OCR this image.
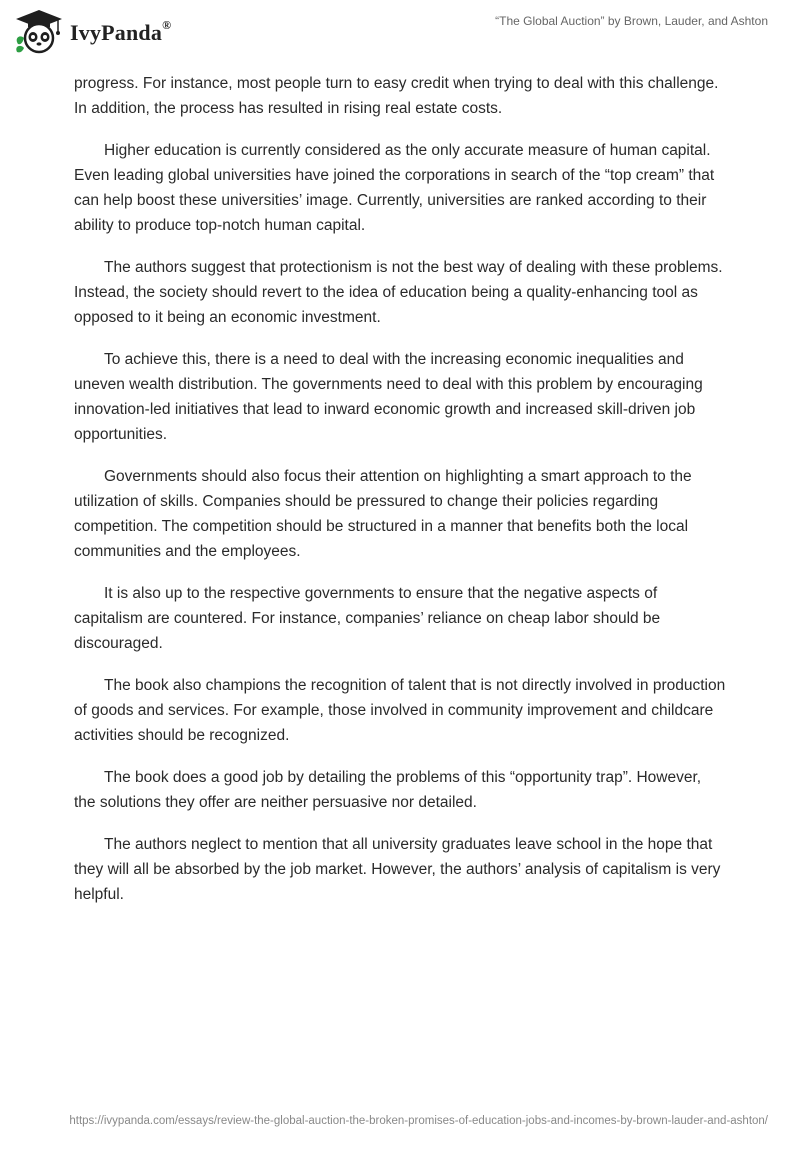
IvyPanda®	“The Global Auction” by Brown, Lauder, and Ashton

progress. For instance, most people turn to easy credit when trying to deal with this challenge. In addition, the process has resulted in rising real estate costs.

Higher education is currently considered as the only accurate measure of human capital. Even leading global universities have joined the corporations in search of the “top cream” that can help boost these universities’ image. Currently, universities are ranked according to their ability to produce top-notch human capital.

The authors suggest that protectionism is not the best way of dealing with these problems. Instead, the society should revert to the idea of education being a quality-enhancing tool as opposed to it being an economic investment.

To achieve this, there is a need to deal with the increasing economic inequalities and uneven wealth distribution. The governments need to deal with this problem by encouraging innovation-led initiatives that lead to inward economic growth and increased skill-driven job opportunities.

Governments should also focus their attention on highlighting a smart approach to the utilization of skills. Companies should be pressured to change their policies regarding competition. The competition should be structured in a manner that benefits both the local communities and the employees.

It is also up to the respective governments to ensure that the negative aspects of capitalism are countered. For instance, companies’ reliance on cheap labor should be discouraged.

The book also champions the recognition of talent that is not directly involved in production of goods and services. For example, those involved in community improvement and childcare activities should be recognized.

The book does a good job by detailing the problems of this “opportunity trap”. However, the solutions they offer are neither persuasive nor detailed.

The authors neglect to mention that all university graduates leave school in the hope that they will all be absorbed by the job market. However, the authors’ analysis of capitalism is very helpful.

https://ivypanda.com/essays/review-the-global-auction-the-broken-promises-of-education-jobs-and-incomes-by-brown-lauder-and-ashton/
